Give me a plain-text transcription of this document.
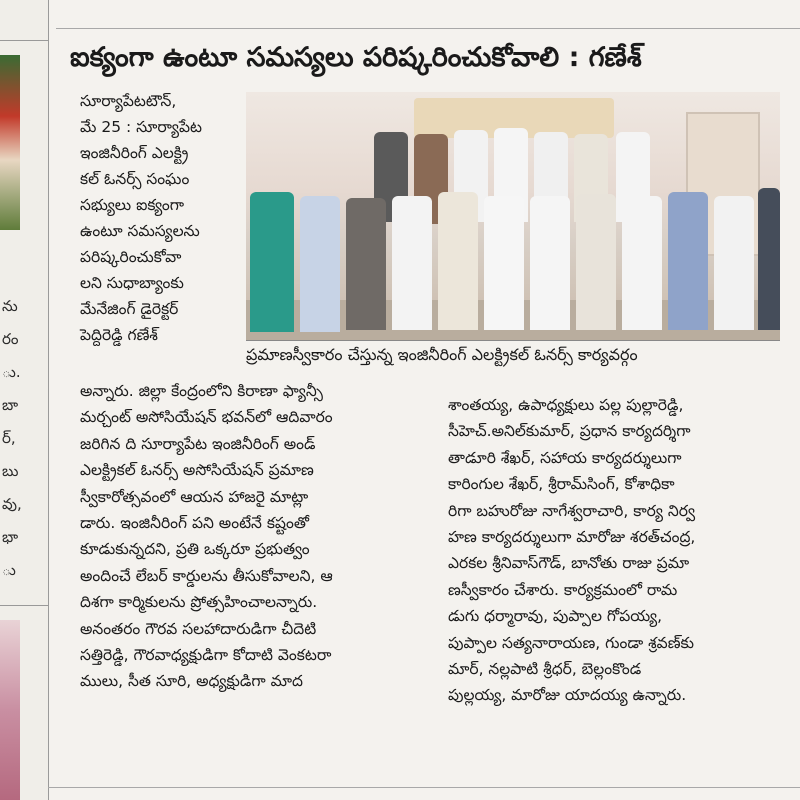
ను
రం
ు.
బా
ర్,
బు
వు,
భా
ు
ఐక్యంగా ఉంటూ సమస్యలు పరిష్కరించుకోవాలి : గణేశ్
ప్రమాణస్వీకారం చేస్తున్న ఇంజినీరింగ్ ఎలక్ట్రికల్ ఓనర్స్ కార్యవర్గం
సూర్యాపేటటౌన్,
మే 25 : సూర్యాపేట
ఇంజినీరింగ్ ఎలక్ట్రి
కల్ ఓనర్స్ సంఘం
సభ్యులు ఐక్యంగా
ఉంటూ సమస్యలను
పరిష్కరించుకోవా
లని సుధాబ్యాంకు
మేనేజింగ్ డైరెక్టర్
పెద్దిరెడ్డి గణేశ్
అన్నారు. జిల్లా కేంద్రంలోని కిరాణా ఫ్యాన్సీ
మర్చంట్ అసోసియేషన్ భవన్‌లో ఆదివారం
జరిగిన ది సూర్యాపేట ఇంజినీరింగ్ అండ్
ఎలక్ట్రికల్ ఓనర్స్ అసోసియేషన్ ప్రమాణ
స్వీకారోత్సవంలో ఆయన హాజరై మాట్లా
డారు. ఇంజినీరింగ్ పని అంటేనే కష్టంతో
కూడుకున్నదని, ప్రతి ఒక్కరూ ప్రభుత్వం
అందించే లేబర్ కార్డులను తీసుకోవాలని, ఆ
దిశగా కార్మికులను ప్రోత్సహించాలన్నారు.
అనంతరం గౌరవ సలహాదారుడిగా చీదెటి
సత్తిరెడ్డి, గౌరవాధ్యక్షుడిగా కోదాటి వెంకటరా
ములు, సీత సూరి, అధ్యక్షుడిగా మాద
శాంతయ్య, ఉపాధ్యక్షులు పల్ల పుల్లారెడ్డి,
సీహెచ్.అనిల్‌కుమార్, ప్రధాన కార్యదర్శిగా
తాడూరి శేఖర్, సహాయ కార్యదర్శులుగా
కారింగుల శేఖర్, శ్రీరామ్‌సింగ్, కోశాధికా
రిగా బహురోజు నాగేశ్వరాచారి, కార్య నిర్వ
హణ కార్యదర్శులుగా మారోజు శరత్‌చంద్ర,
ఎరకల శ్రీనివాస్‌గౌడ్, బానోతు రాజు ప్రమా
ణస్వీకారం చేశారు. కార్యక్రమంలో రామ
డుగు ధర్మారావు, పుప్పాల గోపయ్య,
పుప్పాల సత్యనారాయణ, గుండా శ్రవణ్‌కు
మార్, నల్లపాటి శ్రీధర్, బెల్లంకొండ
పుల్లయ్య, మారోజు యాదయ్య ఉన్నారు.
